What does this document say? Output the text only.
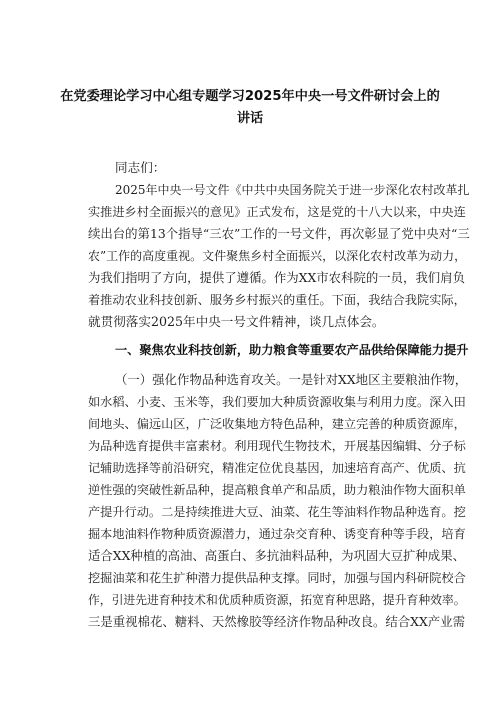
在党委理论学习中心组专题学习2025年中央一号文件研讨会上的
讲话
同志们：
2025年中央一号文件《中共中央国务院关于进一步深化农村改革扎
实推进乡村全面振兴的意见》正式发布，这是党的十八大以来，中央连
续出台的第13个指导“三农”工作的一号文件，再次彰显了党中央对“三
农”工作的高度重视。文件聚焦乡村全面振兴，以深化农村改革为动力，
为我们指明了方向，提供了遵循。作为XX市农科院的一员，我们肩负
着推动农业科技创新、服务乡村振兴的重任。下面，我结合我院实际，
就贯彻落实2025年中央一号文件精神，谈几点体会。
一、聚焦农业科技创新，助力粮食等重要农产品供给保障能力提升
（一）强化作物品种选育攻关。一是针对XX地区主要粮油作物，
如水稻、小麦、玉米等，我们要加大种质资源收集与利用力度。深入田
间地头、偏远山区，广泛收集地方特色品种，建立完善的种质资源库，
为品种选育提供丰富素材。利用现代生物技术，开展基因编辑、分子标
记辅助选择等前沿研究，精准定位优良基因，加速培育高产、优质、抗
逆性强的突破性新品种，提高粮食单产和品质，助力粮油作物大面积单
产提升行动。二是持续推进大豆、油菜、花生等油料作物品种选育。挖
掘本地油料作物种质资源潜力，通过杂交育种、诱变育种等手段，培育
适合XX种植的高油、高蛋白、多抗油料品种，为巩固大豆扩种成果、
挖掘油菜和花生扩种潜力提供品种支撑。同时，加强与国内科研院校合
作，引进先进育种技术和优质种质资源，拓宽育种思路，提升育种效率。
三是重视棉花、糖料、天然橡胶等经济作物品种改良。结合XX产业需
